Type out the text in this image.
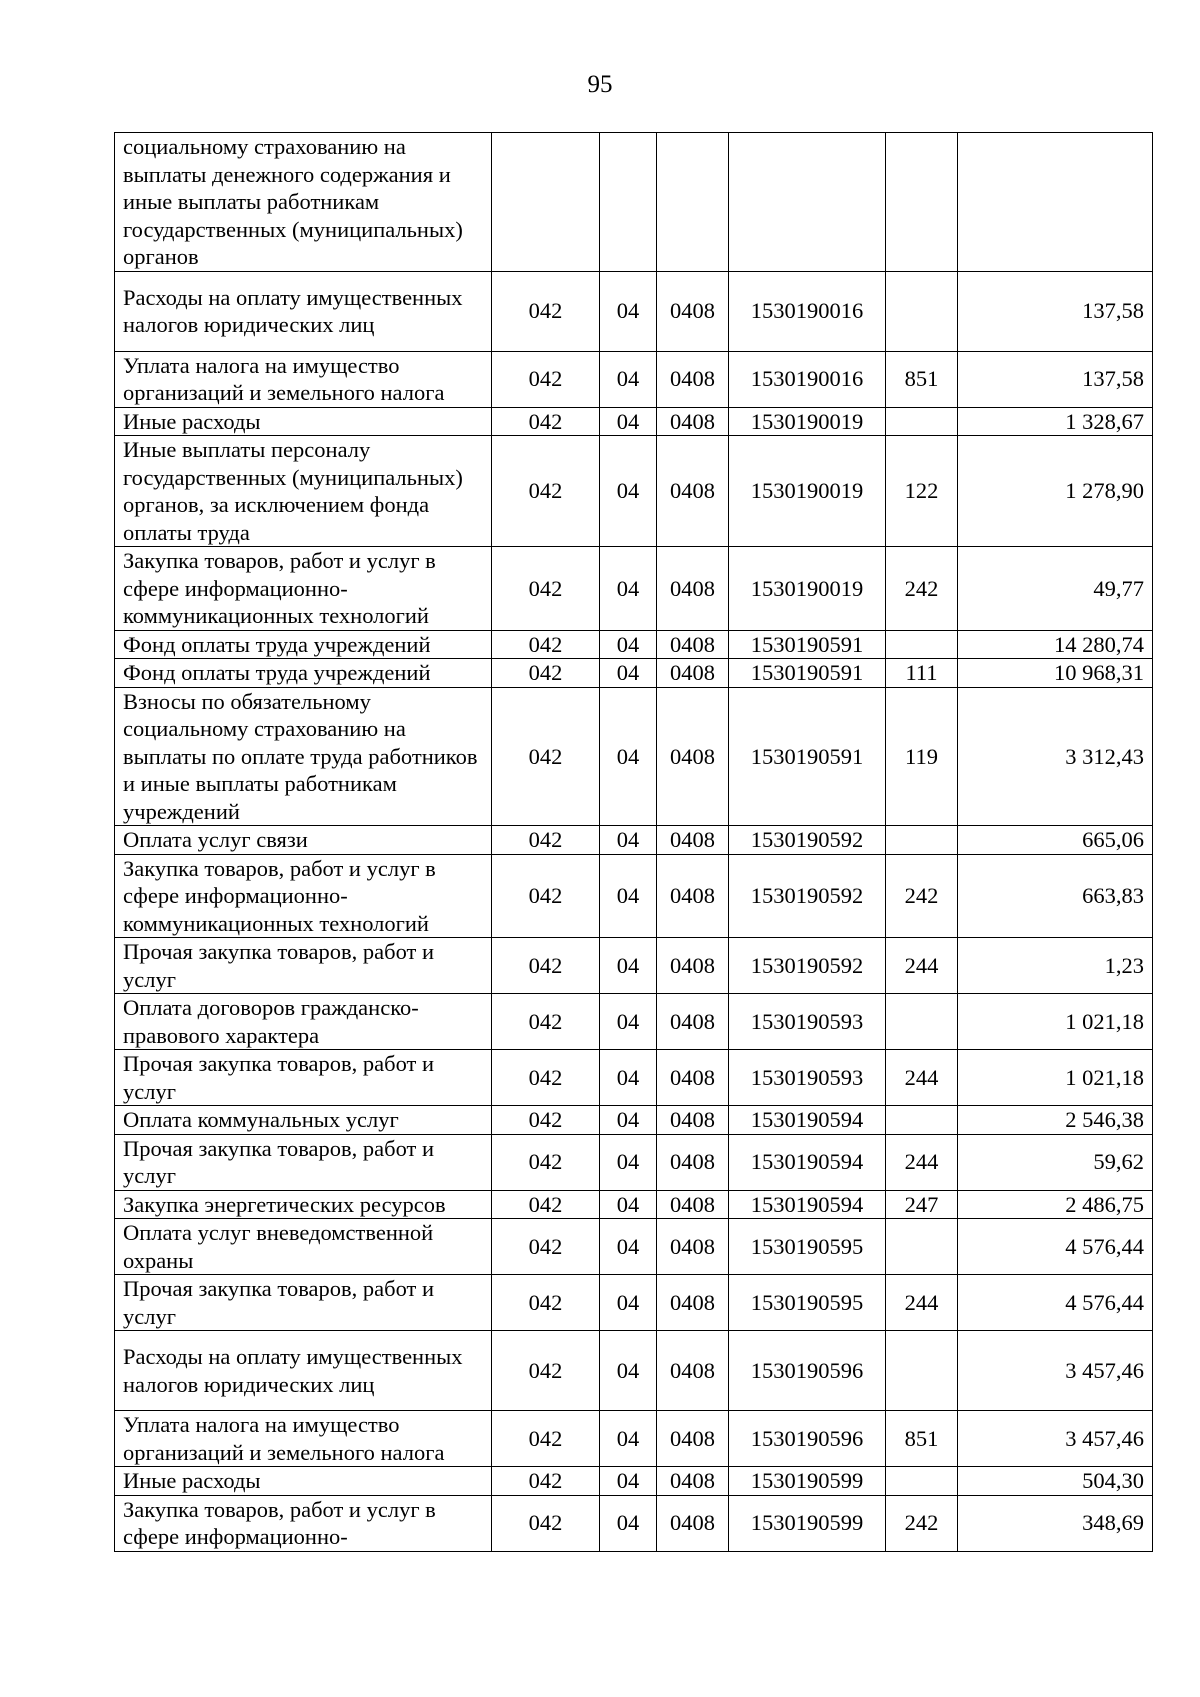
95
социальному страхованию на выплаты денежного содержания и иные выплаты работникам государственных (муниципальных) органов						
Расходы на оплату имущественных налогов юридических лиц	042	04	0408	1530190016		137,58
Уплата налога на имущество организаций и земельного налога	042	04	0408	1530190016	851	137,58
Иные расходы	042	04	0408	1530190019		1 328,67
Иные выплаты персоналу государственных (муниципальных) органов, за исключением фонда оплаты труда	042	04	0408	1530190019	122	1 278,90
Закупка товаров, работ и услуг в сфере информационно-коммуникационных технологий	042	04	0408	1530190019	242	49,77
Фонд оплаты труда учреждений	042	04	0408	1530190591		14 280,74
Фонд оплаты труда учреждений	042	04	0408	1530190591	111	10 968,31
Взносы по обязательному социальному страхованию на выплаты по оплате труда работников и иные выплаты работникам учреждений	042	04	0408	1530190591	119	3 312,43
Оплата услуг связи	042	04	0408	1530190592		665,06
Закупка товаров, работ и услуг в сфере информационно-коммуникационных технологий	042	04	0408	1530190592	242	663,83
Прочая закупка товаров, работ и услуг	042	04	0408	1530190592	244	1,23
Оплата договоров гражданско-правового характера	042	04	0408	1530190593		1 021,18
Прочая закупка товаров, работ и услуг	042	04	0408	1530190593	244	1 021,18
Оплата коммунальных услуг	042	04	0408	1530190594		2 546,38
Прочая закупка товаров, работ и услуг	042	04	0408	1530190594	244	59,62
Закупка энергетических ресурсов	042	04	0408	1530190594	247	2 486,75
Оплата услуг вневедомственной охраны	042	04	0408	1530190595		4 576,44
Прочая закупка товаров, работ и услуг	042	04	0408	1530190595	244	4 576,44
Расходы на оплату имущественных налогов юридических лиц	042	04	0408	1530190596		3 457,46
Уплата налога на имущество организаций и земельного налога	042	04	0408	1530190596	851	3 457,46
Иные расходы	042	04	0408	1530190599		504,30
Закупка товаров, работ и услуг в сфере информационно-	042	04	0408	1530190599	242	348,69
